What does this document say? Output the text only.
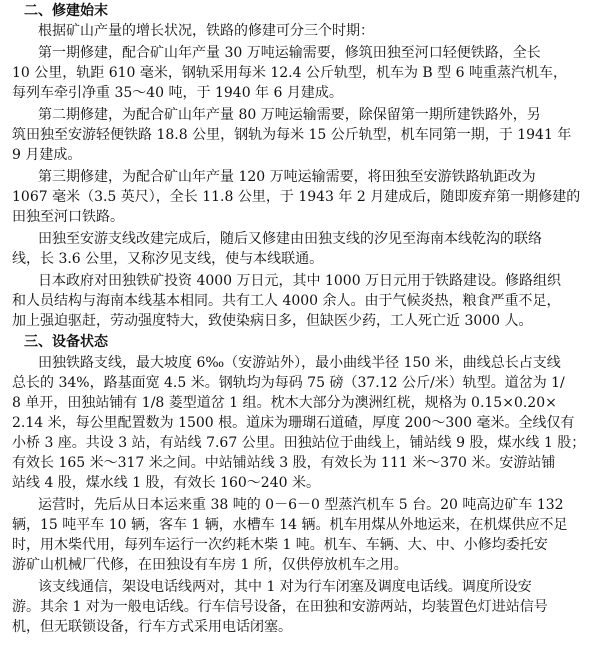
二、修建始末
根据矿山产量的增长状况，铁路的修建可分三个时期：
第一期修建，配合矿山年产量 30 万吨运输需要，修筑田独至河口轻便铁路，全长
10 公里，轨距 610 毫米，钢轨采用每米 12.4 公斤轨型，机车为 B 型 6 吨重蒸汽机车，
每列车牵引净重 35～40 吨，于 1940 年 6 月建成。
第二期修建，为配合矿山年产量 80 万吨运输需要，除保留第一期所建铁路外，另
筑田独至安游轻便铁路 18.8 公里，钢轨为每米 15 公斤轨型，机车同第一期，于 1941 年
9 月建成。
第三期修建，为配合矿山年产量 120 万吨运输需要，将田独至安游铁路轨距改为
1067 毫米（3.5 英尺），全长 11.8 公里，于 1943 年 2 月建成后，随即废弃第一期修建的
田独至河口铁路。
田独至安游支线改建完成后，随后又修建由田独支线的汐见至海南本线乾沟的联络
线，长 3.6 公里，又称汐见支线，使与本线联通。
日本政府对田独铁矿投资 4000 万日元，其中 1000 万日元用于铁路建设。修路组织
和人员结构与海南本线基本相同。共有工人 4000 余人。由于气候炎热，粮食严重不足，
加上强迫驱赶，劳动强度特大，致使染病日多，但缺医少药，工人死亡近 3000 人。
三、设备状态
田独铁路支线，最大坡度 6‰（安游站外），最小曲线半径 150 米，曲线总长占支线
总长的 34%，路基面宽 4.5 米。钢轨均为每码 75 磅（37.12 公斤/米）轨型。道岔为 1/
8 单开，田独站铺有 1/8 菱型道岔 1 组。枕木大部分为澳洲红桄，规格为 0.15×0.20×
2.14 米，每公里配置数为 1500 根。道床为珊瑚石道碴，厚度 200～300 毫米。全线仅有
小桥 3 座。共设 3 站，有站线 7.67 公里。田独站位于曲线上，铺站线 9 股，煤水线 1 股；
有效长 165 米～317 米之间。中站铺站线 3 股，有效长为 111 米～370 米。安游站铺
站线 4 股，煤水线 1 股，有效长 160～240 米。
运营时，先后从日本运来重 38 吨的 0－6－0 型蒸汽机车 5 台。20 吨高边矿车 132
辆，15 吨平车 10 辆，客车 1 辆，水槽车 14 辆。机车用煤从外地运来，在机煤供应不足
时，用木柴代用，每列车运行一次约耗木柴 1 吨。机车、车辆、大、中、小修均委托安
游矿山机械厂代修，在田独设有车房 1 所，仅供停放机车之用。
该支线通信，架设电话线两对，其中 1 对为行车闭塞及调度电话线。调度所设安
游。其余 1 对为一般电话线。行车信号设备，在田独和安游两站，均装置色灯进站信号
机，但无联锁设备，行车方式采用电话闭塞。
